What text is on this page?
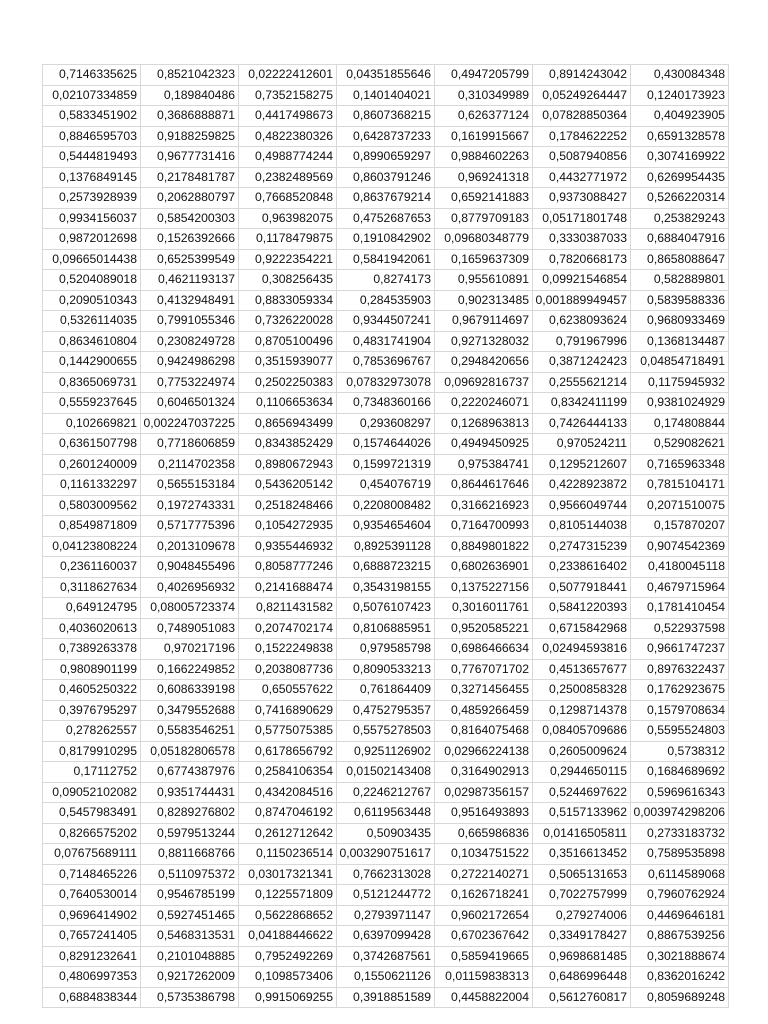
0,7146335625	0,8521042323	0,02222412601	0,04351855646	0,4947205799	0,8914243042	0,430084348
0,02107334859	0,189840486	0,7352158275	0,1401404021	0,310349989	0,05249264447	0,1240173923
0,5833451902	0,3686888871	0,4417498673	0,8607368215	0,626377124	0,07828850364	0,404923905
0,8846595703	0,9188259825	0,4822380326	0,6428737233	0,1619915667	0,1784622252	0,6591328578
0,5444819493	0,9677731416	0,4988774244	0,8990659297	0,9884602263	0,5087940856	0,3074169922
0,1376849145	0,2178481787	0,2382489569	0,8603791246	0,969241318	0,4432771972	0,6269954435
0,2573928939	0,2062880797	0,7668520848	0,8637679214	0,6592141883	0,9373088427	0,5266220314
0,9934156037	0,5854200303	0,963982075	0,4752687653	0,8779709183	0,05171801748	0,253829243
0,9872012698	0,1526392666	0,1178479875	0,1910842902	0,09680348779	0,3330387033	0,6884047916
0,09665014438	0,6525399549	0,9222354221	0,5841942061	0,1659637309	0,7820668173	0,8658088647
0,5204089018	0,4621193137	0,308256435	0,8274173	0,955610891	0,09921546854	0,582889801
0,2090510343	0,4132948491	0,8833059334	0,284535903	0,902313485	0,001889949457	0,5839588336
0,5326114035	0,7991055346	0,7326220028	0,9344507241	0,9679114697	0,6238093624	0,9680933469
0,8634610804	0,2308249728	0,8705100496	0,4831741904	0,9271328032	0,791967996	0,1368134487
0,1442900655	0,9424986298	0,3515939077	0,7853696767	0,2948420656	0,3871242423	0,04854718491
0,8365069731	0,7753224974	0,2502250383	0,07832973078	0,09692816737	0,2555621214	0,1175945932
0,5559237645	0,6046501324	0,1106653634	0,7348360166	0,2220246071	0,8342411199	0,9381024929
0,102669821	0,002247037225	0,8656943499	0,293608297	0,1268963813	0,7426444133	0,174808844
0,6361507798	0,7718606859	0,8343852429	0,1574644026	0,4949450925	0,970524211	0,529082621
0,2601240009	0,2114702358	0,8980672943	0,1599721319	0,975384741	0,1295212607	0,7165963348
0,1161332297	0,5655153184	0,5436205142	0,454076719	0,8644617646	0,4228923872	0,7815104171
0,5803009562	0,1972743331	0,2518248466	0,2208008482	0,3166216923	0,9566049744	0,2071510075
0,8549871809	0,5717775396	0,1054272935	0,9354654604	0,7164700993	0,8105144038	0,157870207
0,04123808224	0,2013109678	0,9355446932	0,8925391128	0,8849801822	0,2747315239	0,9074542369
0,2361160037	0,9048455496	0,8058777246	0,6888723215	0,6802636901	0,2338616402	0,4180045118
0,3118627634	0,4026956932	0,2141688474	0,3543198155	0,1375227156	0,5077918441	0,4679715964
0,649124795	0,08005723374	0,8211431582	0,5076107423	0,3016011761	0,5841220393	0,1781410454
0,4036020613	0,7489051083	0,2074702174	0,8106885951	0,9520585221	0,6715842968	0,522937598
0,7389263378	0,970217196	0,1522249838	0,979585798	0,6986466634	0,02494593816	0,9661747237
0,9808901199	0,1662249852	0,2038087736	0,8090533213	0,7767071702	0,4513657677	0,8976322437
0,4605250322	0,6086339198	0,650557622	0,761864409	0,3271456455	0,2500858328	0,1762923675
0,3976795297	0,3479552688	0,7416890629	0,4752795357	0,4859266459	0,1298714378	0,1579708634
0,278262557	0,5583546251	0,5775075385	0,5575278503	0,8164075468	0,08405709686	0,5595524803
0,8179910295	0,05182806578	0,6178656792	0,9251126902	0,02966224138	0,2605009624	0,5738312
0,17112752	0,6774387976	0,2584106354	0,01502143408	0,3164902913	0,2944650115	0,1684689692
0,09052102082	0,9351744431	0,4342084516	0,2246212767	0,02987356157	0,5244697622	0,5969616343
0,5457983491	0,8289276802	0,8747046192	0,6119563448	0,9516493893	0,5157133962	0,003974298206
0,8266575202	0,5979513244	0,2612712642	0,50903435	0,665986836	0,01416505811	0,2733183732
0,07675689111	0,8811668766	0,1150236514	0,003290751617	0,1034751522	0,3516613452	0,7589535898
0,7148465226	0,5110975372	0,03017321341	0,7662313028	0,2722140271	0,5065131653	0,6114589068
0,7640530014	0,9546785199	0,1225571809	0,5121244772	0,1626718241	0,7022757999	0,7960762924
0,9696414902	0,5927451465	0,5622868652	0,2793971147	0,9602172654	0,279274006	0,4469646181
0,7657241405	0,5468313531	0,04188446622	0,6397099428	0,6702367642	0,3349178427	0,8867539256
0,8291232641	0,2101048885	0,7952492269	0,3742687561	0,5859419665	0,9698681485	0,3021888674
0,4806997353	0,9217262009	0,1098573406	0,1550621126	0,01159838313	0,6486996448	0,8362016242
0,6884838344	0,5735386798	0,9915069255	0,3918851589	0,4458822004	0,5612760817	0,8059689248
